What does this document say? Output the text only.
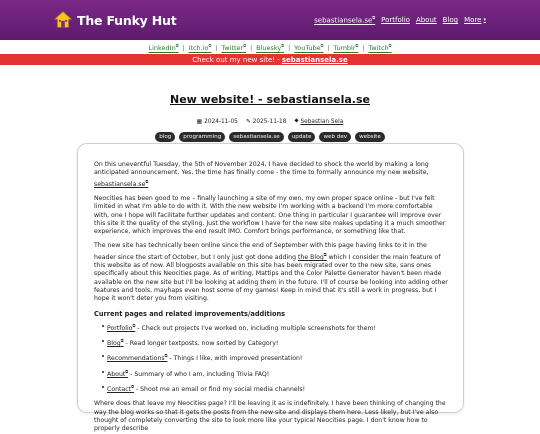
The Funky Hut	sebastiansela.se⧉ Portfolio About Blog More ▾
LinkedIn⧉ | itch.io⧉ | Twitter⧉ | Bluesky⧉ | YouTube⧉ | Tumblr⧉ | Twitch⧉
Check out my new site! - sebastiansela.se
New website! - sebastiansela.se
▦ 2024-11-05 ✎ 2025-11-18 ⬥ Sebastian Sela
blog	programming	sebastiansela.se	update	web dev	website

On this uneventful Tuesday, the 5th of November 2024, I have decided to shock the world by making a long anticipated announcement. Yes, the time has finally come - the time to formally announce my new website, sebastiansela.se⧉

Neocities has been good to me – finally launching a site of my own, my own proper space online - but I've felt limited in what I'm able to do with it. With the new website I'm working with a backend I'm more comfortable with, one I hope will facilitate further updates and content. One thing in particular I guarantee will improve over this site it the quality of the styling. Just the workflow I have for the new site makes updating it a much smoother experience, which improves the end result IMO. Comfort brings performance, or something like that.

The new site has technically been online since the end of September with this page having links to it in the header since the start of October, but I only just got done adding the Blog⧉ which I consider the main feature of this website as of now. All blogposts available on this site has been migrated over to the new site, sans ones specifically about this Neocities page. As of writing, Mattips and the Color Palette Generator haven't been made available on the new site but I'll be looking at adding them in the future. I'll of course be looking into adding other features and tools, mayhaps even host some of my games! Keep in mind that it's still a work in progress, but I hope it won't deter you from visiting.

Current pages and related improvements/additions
Portfolio⧉ - Check out projects I've worked on, including multiple screenshots for them!
Blog⧉ - Read longer textposts, now sorted by Category!
Recommendations⧉ - Things I like, with improved presentation!
About⧉ - Summary of who I am, including Trivia FAQ!
Contact⧉ - Shoot me an email or find my social media channels!

Where does that leave my Neocities page? I'll be leaving it as is indefinitely. I have been thinking of changing the way the blog works so that it gets the posts from the new site and displays them here. Less likely, but I've also thought of completely converting the site to look more like your typical Neocities page. I don't know how to properly describe
